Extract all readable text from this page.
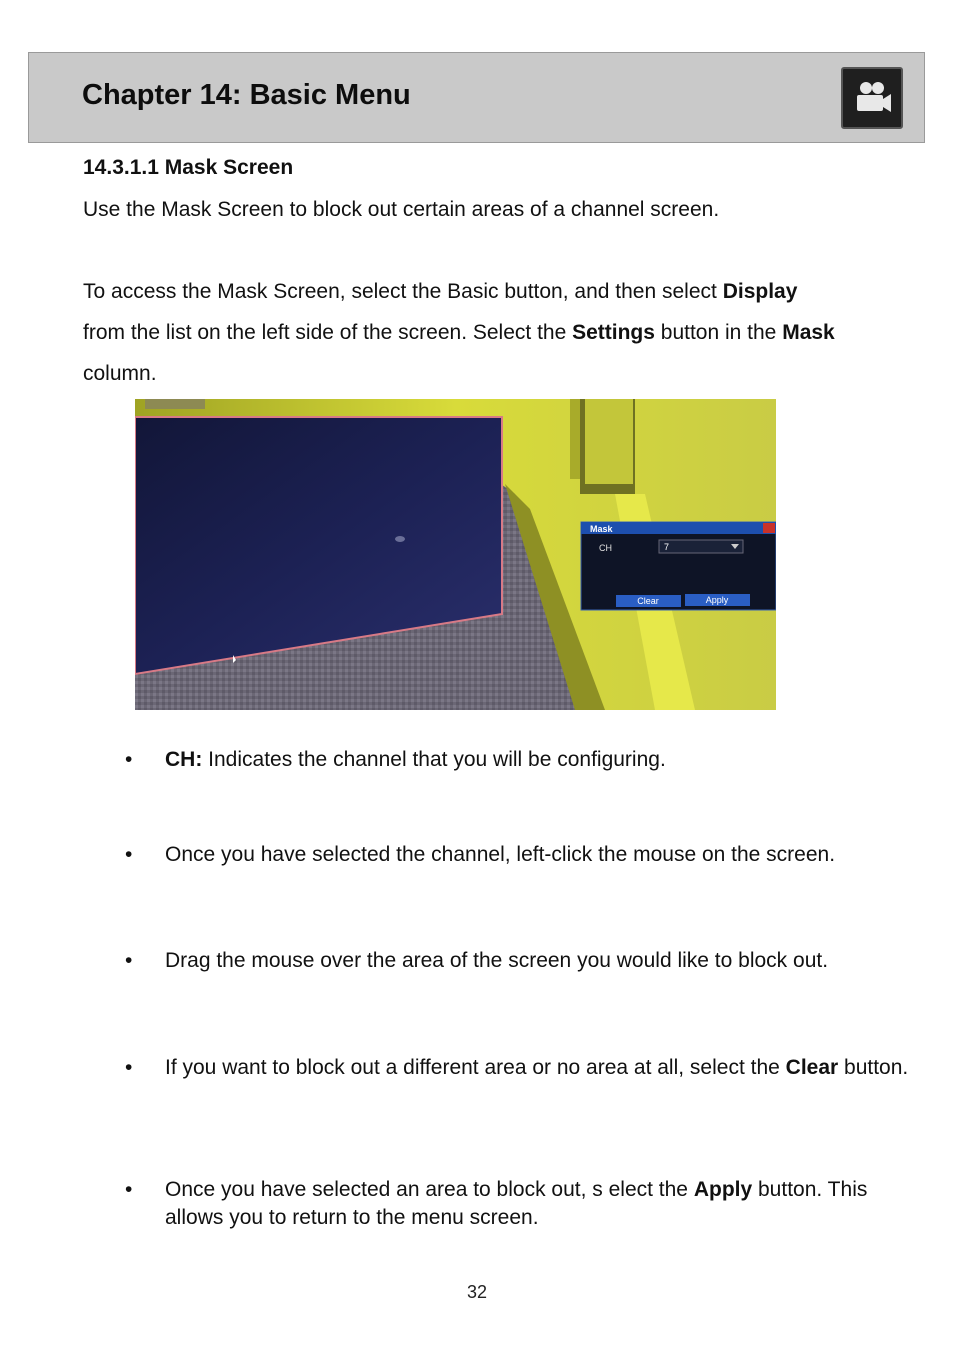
Chapter 14: Basic Menu
14.3.1.1 Mask Screen
Use the Mask Screen to block out certain areas of a channel screen.
To access the Mask Screen, select the Basic button, and then select Display from the list on the left side of the screen. Select the Settings button in the Mask column.
Mask
CH	7
Clear	Apply
• CH: Indicates the channel that you will be configuring.
• Once you have selected the channel, left-click the mouse on the screen.
• Drag the mouse over the area of the screen you would like to block out.
• If you want to block out a different area or no area at all, select the Clear button.
• Once you have selected an area to block out, s elect the Apply button. This allows you to return to the menu screen.
32
